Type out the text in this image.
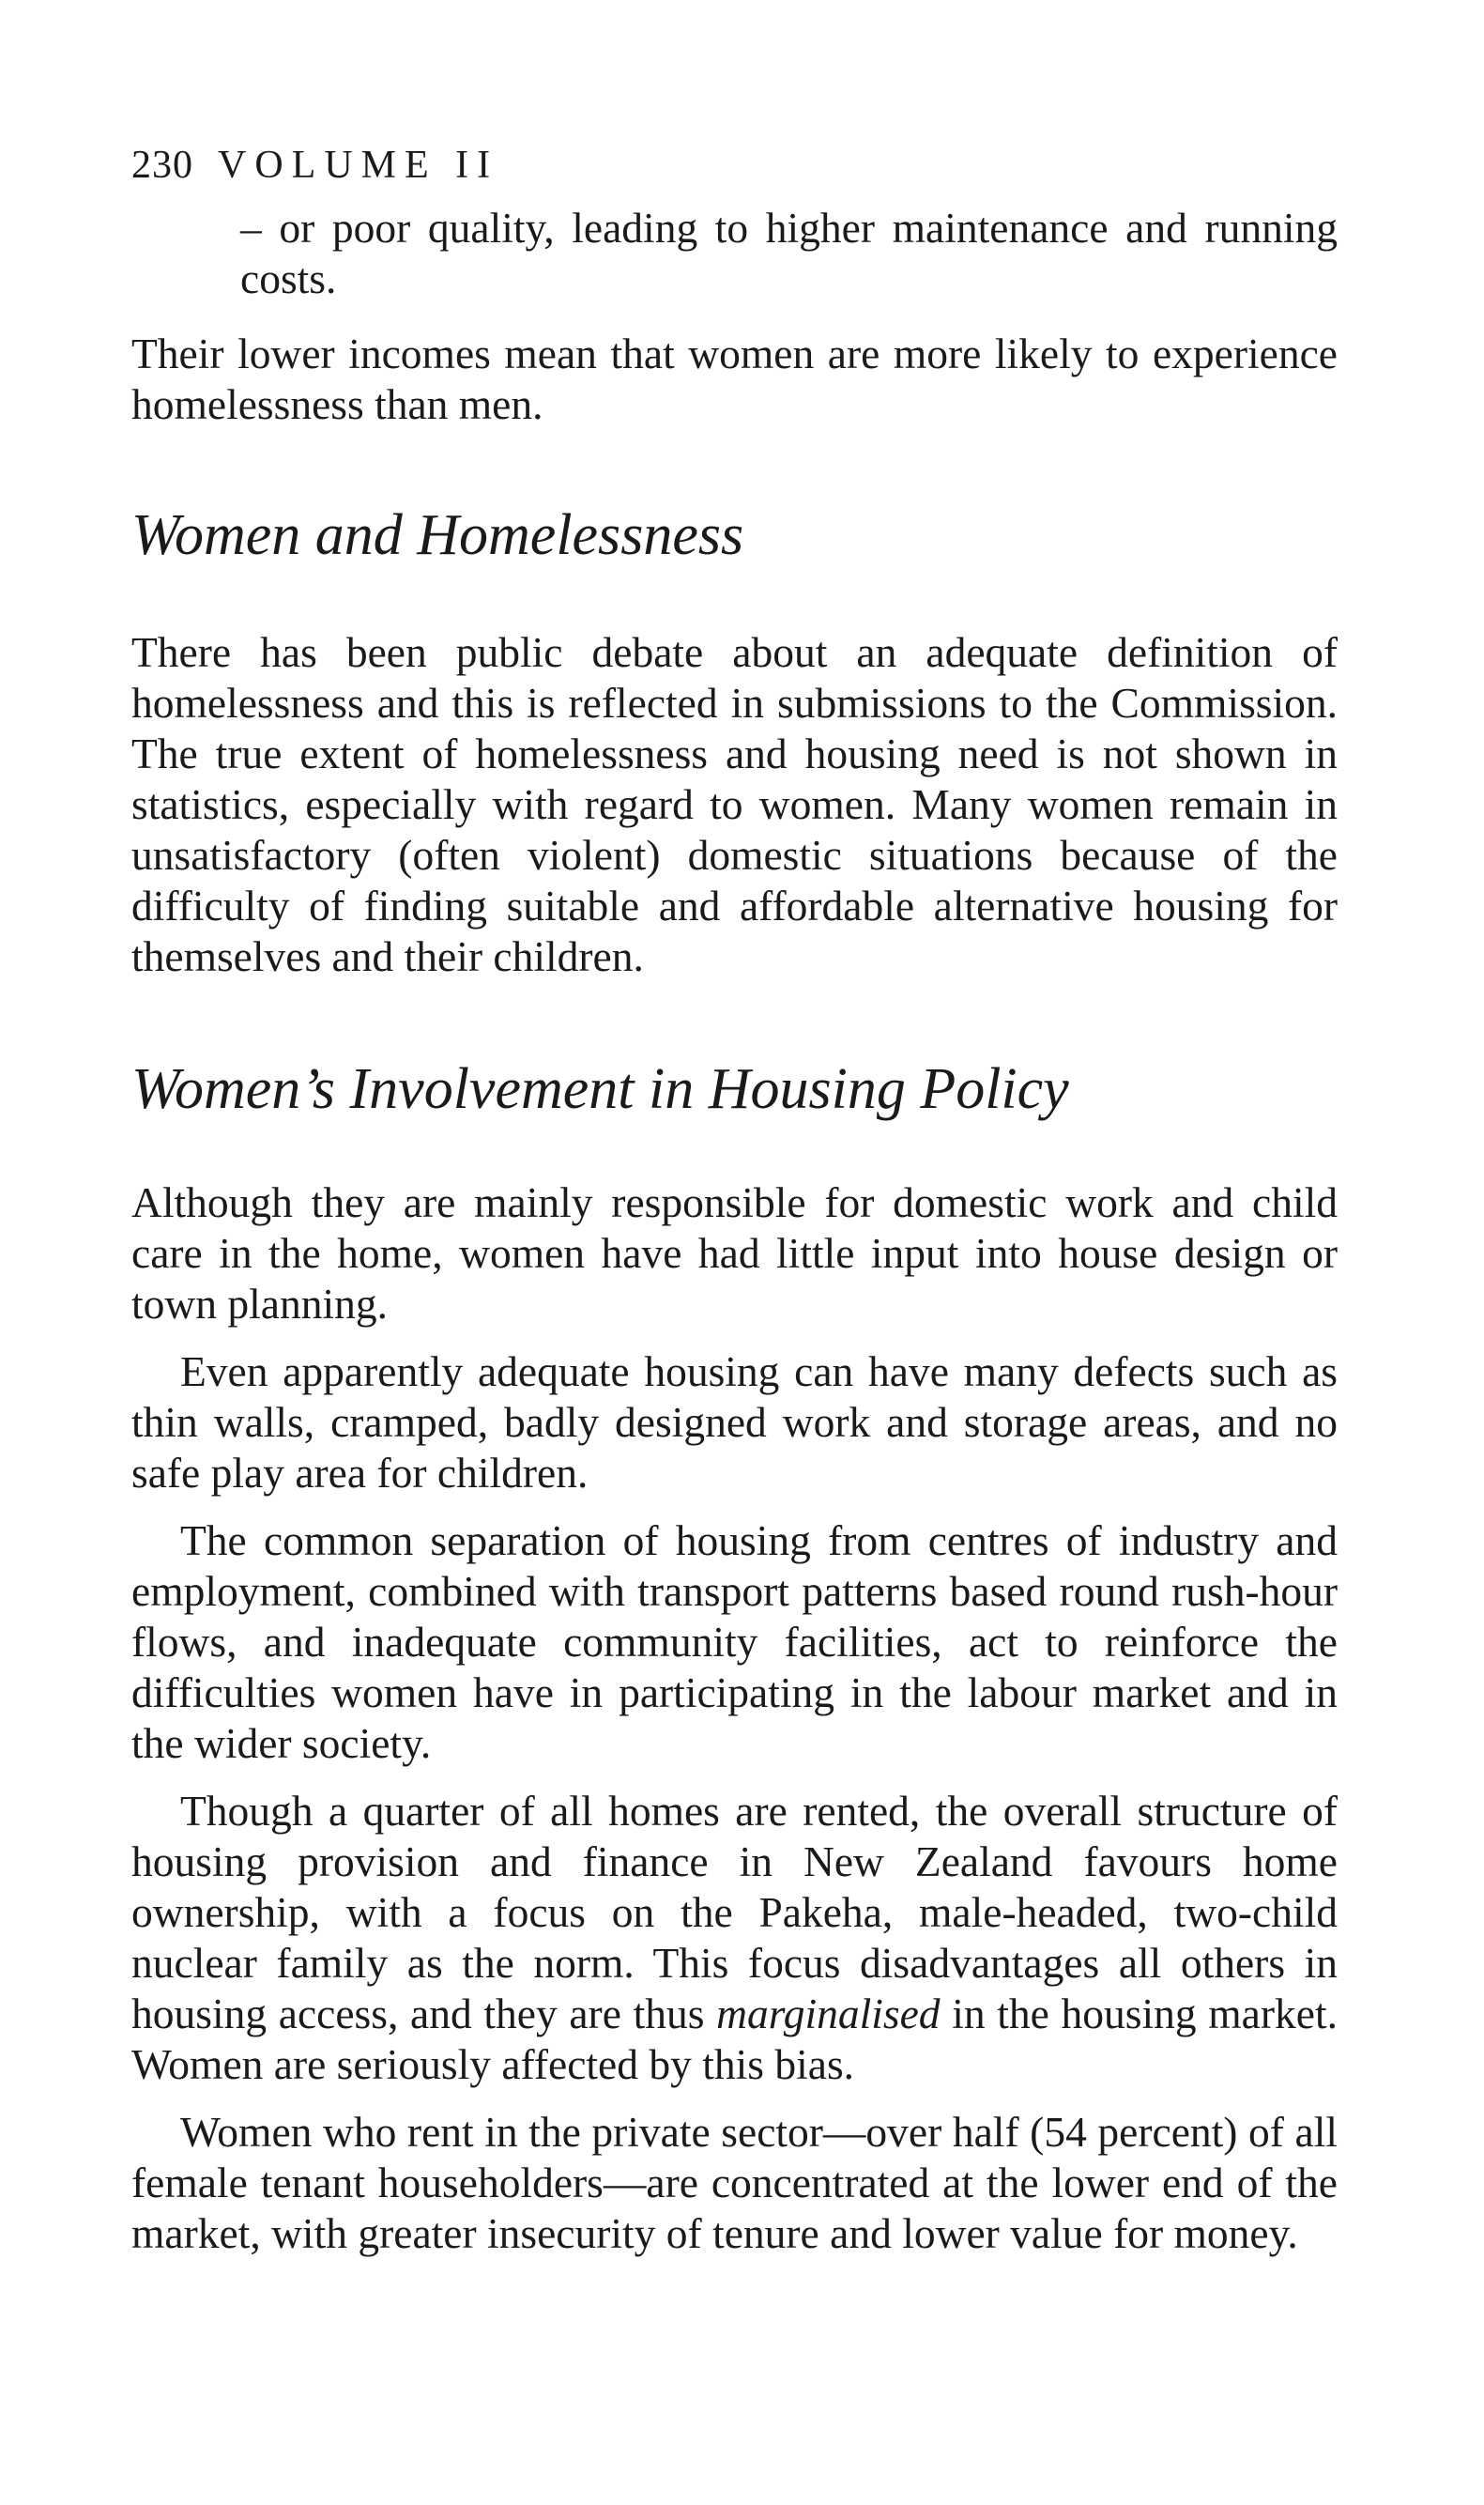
230 VOLUME II
– or poor quality, leading to higher maintenance and running costs.

Their lower incomes mean that women are more likely to experience homelessness than men.

Women and Homelessness

There has been public debate about an adequate definition of homelessness and this is reflected in submissions to the Commission. The true extent of homelessness and housing need is not shown in statistics, especially with regard to women. Many women remain in unsatisfactory (often violent) domestic situations because of the difficulty of finding suitable and affordable alternative housing for themselves and their children.

Women’s Involvement in Housing Policy

Although they are mainly responsible for domestic work and child care in the home, women have had little input into house design or town planning.

Even apparently adequate housing can have many defects such as thin walls, cramped, badly designed work and storage areas, and no safe play area for children.

The common separation of housing from centres of industry and employment, combined with transport patterns based round rush-hour flows, and inadequate community facilities, act to reinforce the difficulties women have in participating in the labour market and in the wider society.

Though a quarter of all homes are rented, the overall structure of housing provision and finance in New Zealand favours home ownership, with a focus on the Pakeha, male-headed, two-child nuclear family as the norm. This focus disadvantages all others in housing access, and they are thus marginalised in the housing market. Women are seriously affected by this bias.

Women who rent in the private sector—over half (54 percent) of all female tenant householders—are concentrated at the lower end of the market, with greater insecurity of tenure and lower value for money.
